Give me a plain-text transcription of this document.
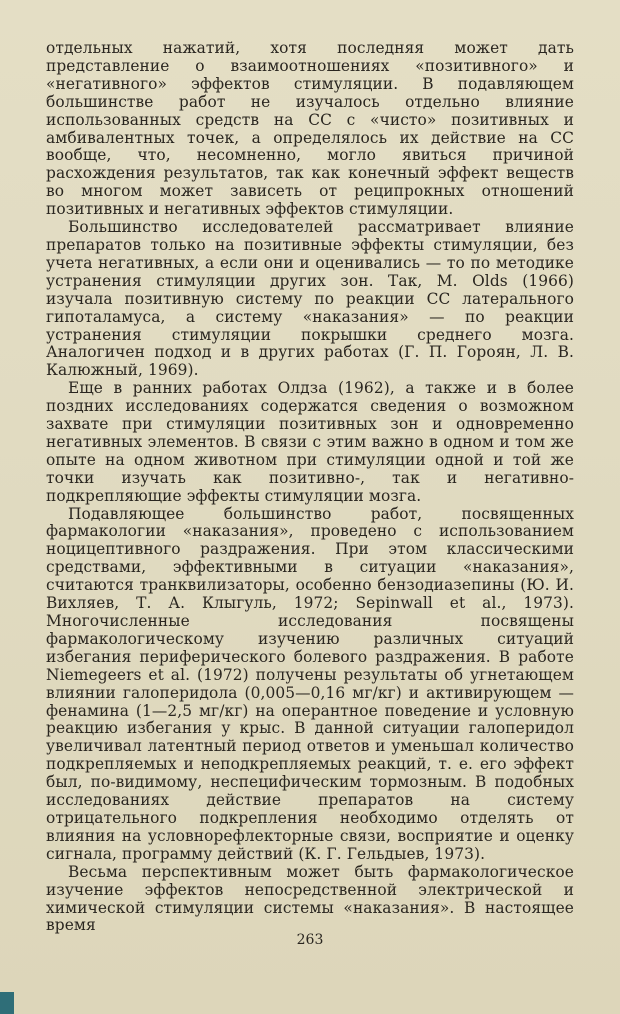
отдельных нажатий, хотя последняя может дать представление о взаимоотношениях «позитивного» и «негативного» эффектов стимуляции. В подавляющем большинстве работ не изучалось отдельно влияние использованных средств на СС с «чисто» позитивных и амбивалентных точек, а определялось их действие на СС вообще, что, несомненно, могло явиться причиной расхождения результатов, так как конечный эффект веществ во многом может зависеть от реципрокных отношений позитивных и негативных эффектов стимуляции.

Большинство исследователей рассматривает влияние препаратов только на позитивные эффекты стимуляции, без учета негативных, а если они и оценивались — то по методике устранения стимуляции других зон. Так, M. Olds (1966) изучала позитивную систему по реакции СС латерального гипоталамуса, а систему «наказания» — по реакции устранения стимуляции покрышки среднего мозга. Аналогичен подход и в других работах (Г. П. Гороян, Л. В. Калюжный, 1969).

Еще в ранних работах Олдза (1962), а также и в более поздних исследованиях содержатся сведения о возможном захвате при стимуляции позитивных зон и одновременно негативных элементов. В связи с этим важно в одном и том же опыте на одном животном при стимуляции одной и той же точки изучать как позитивно-, так и негативно-подкрепляющие эффекты стимуляции мозга.

Подавляющее большинство работ, посвященных фармакологии «наказания», проведено с использованием ноцицептивного раздражения. При этом классическими средствами, эффективными в ситуации «наказания», считаются транквилизаторы, особенно бензодиазепины (Ю. И. Вихляев, Т. А. Клыгуль, 1972; Sepinwall et al., 1973). Многочисленные исследования посвящены фармакологическому изучению различных ситуаций избегания периферического болевого раздражения. В работе Niemegeers et al. (1972) получены результаты об угнетающем влиянии галоперидола (0,005—0,16 мг/кг) и активирующем — фенамина (1—2,5 мг/кг) на оперантное поведение и условную реакцию избегания у крыс. В данной ситуации галоперидол увеличивал латентный период ответов и уменьшал количество подкрепляемых и неподкрепляемых реакций, т. е. его эффект был, по-видимому, неспецифическим тормозным. В подобных исследованиях действие препаратов на систему отрицательного подкрепления необходимо отделять от влияния на условнорефлекторные связи, восприятие и оценку сигнала, программу действий (К. Г. Гельдыев, 1973).

Весьма перспективным может быть фармакологическое изучение эффектов непосредственной электрической и химической стимуляции системы «наказания». В настоящее время

263
